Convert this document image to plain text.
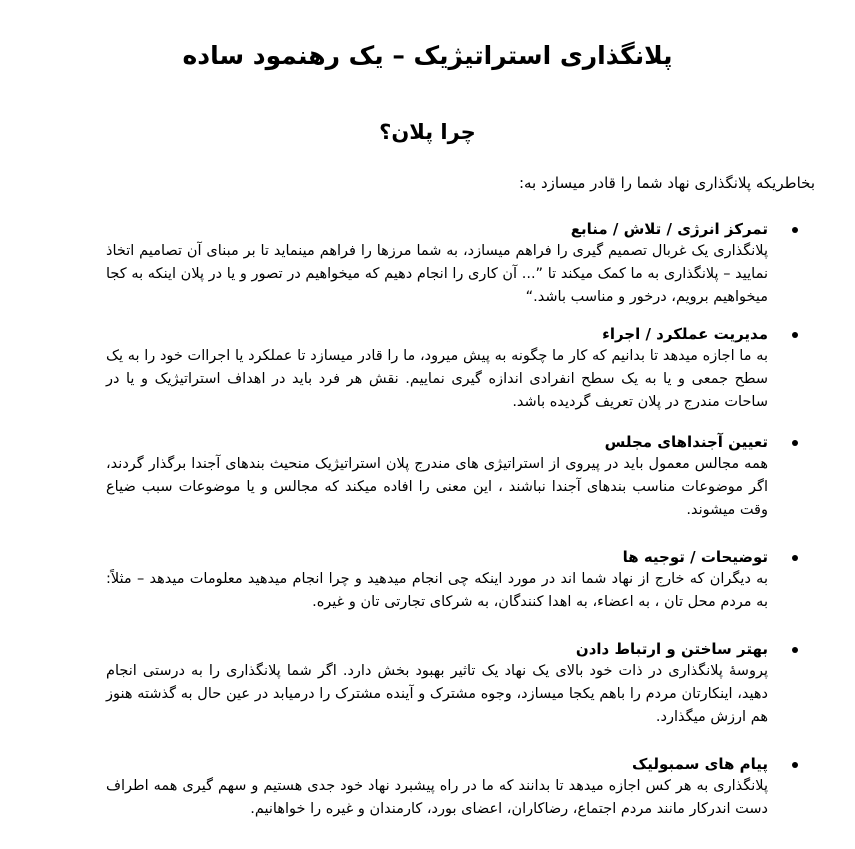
پلانگذاری استراتیژیک – یک رهنمود ساده
چرا پلان؟

بخاطریکه پلانگذاری نهاد شما را قادر میسازد به:

تمرکز انرژی / تلاش / منابع
پلانگذاری یک غربال تصمیم گیری را فراهم میسازد، به شما مرزها را فراهم مینماید تا بر مبنای آن تصامیم اتخاذ نمایید – پلانگذاری به ما کمک میکند تا ”... آن کاری را انجام دهیم که میخواهیم در تصور و یا در پلان اینکه به کجا میخواهیم برویم، درخور و مناسب باشد.“
مدیریت عملکرد / اجراء
به ما اجازه میدهد تا بدانیم که کار ما چگونه به پیش میرود، ما را قادر میسازد تا عملکرد یا اجراات خود را به یک سطح جمعی و یا به یک سطح انفرادی اندازه گیری نماییم. نقش هر فرد باید در اهداف استراتیژیک و یا در ساحات مندرج در پلان تعریف گردیده باشد.
تعیین آجنداهای مجلس
همه مجالس معمول باید در پیروی از استراتیژی های مندرج پلان استراتیژیک منحیث بندهای آجندا برگذار گردند، اگر موضوعات مناسب بندهای آجندا نباشند ، این معنی را افاده میکند که مجالس و یا موضوعات سبب ضیاع وقت میشوند.
توضیحات / توجیه ها
به دیگران که خارج از نهاد شما اند در مورد اینکه چی انجام میدهید و چرا انجام میدهید معلومات میدهد – مثلاً: به مردم محل تان ، به اعضاء، به اهدا کنندگان، به شرکای تجارتی تان و غیره.
بهتر ساختن و ارتباط دادن
پروسهٔ پلانگذاری در ذات خود بالای یک نهاد یک تاثیر بهبود بخش دارد. اگر شما پلانگذاری را به درستی انجام دهید، اینکارتان مردم را باهم یکجا میسازد، وجوه مشترک و آینده مشترک را درمیابد در عین حال به گذشته هنوز هم ارزش میگذارد.
پیام های سمبولیک
پلانگذاری به هر کس اجازه میدهد تا بدانند که ما در راه پیشبرد نهاد خود جدی هستیم و سهم گیری همه اطراف دست اندرکار مانند مردم اجتماع، رضاکاران، اعضای بورد، کارمندان و غیره را خواهانیم.
